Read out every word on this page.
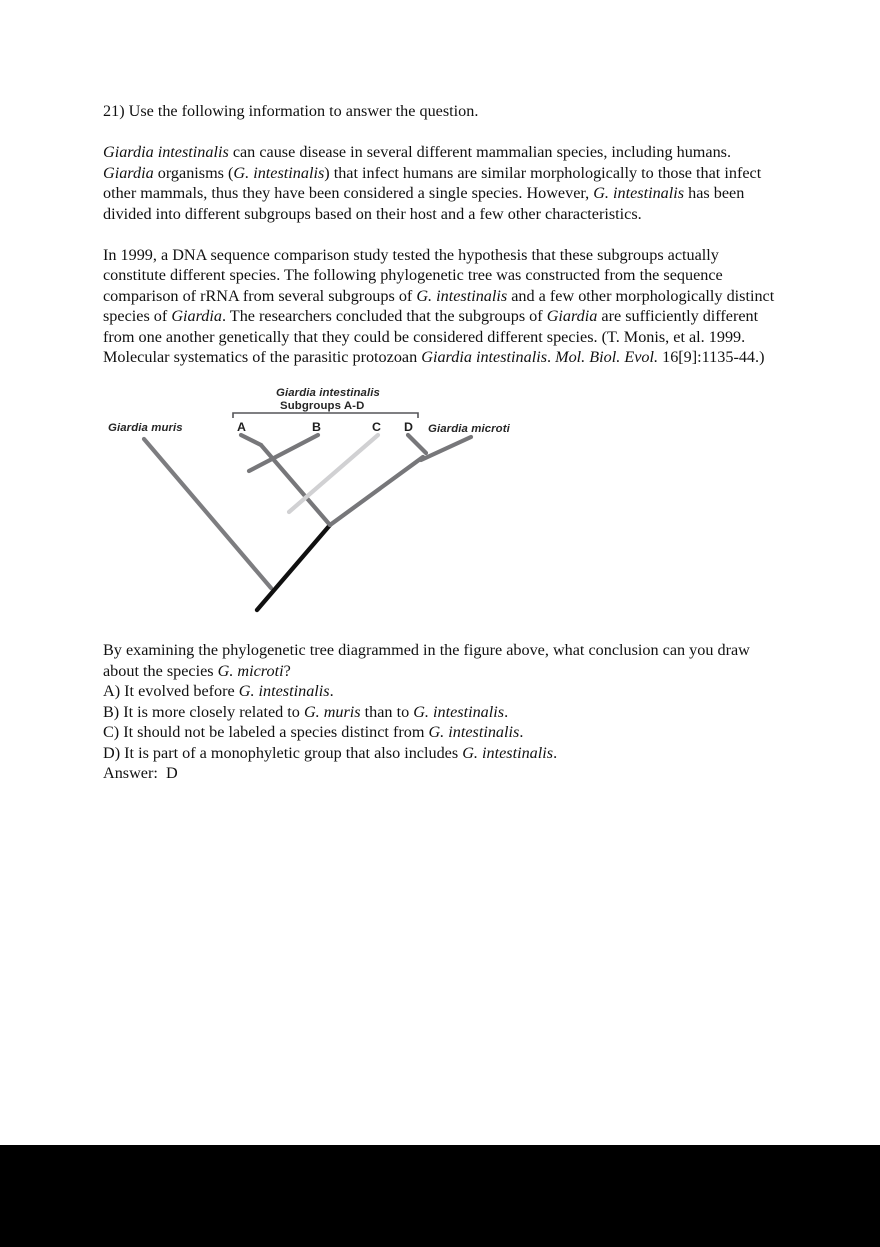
21) Use the following information to answer the question.

Giardia intestinalis can cause disease in several different mammalian species, including humans. Giardia organisms (G. intestinalis) that infect humans are similar morphologically to those that infect other mammals, thus they have been considered a single species. However, G. intestinalis has been divided into different subgroups based on their host and a few other characteristics.

In 1999, a DNA sequence comparison study tested the hypothesis that these subgroups actually constitute different species. The following phylogenetic tree was constructed from the sequence comparison of rRNA from several subgroups of G. intestinalis and a few other morphologically distinct species of Giardia. The researchers concluded that the subgroups of Giardia are sufficiently different from one another genetically that they could be considered different species. (T. Monis, et al. 1999. Molecular systematics of the parasitic protozoan Giardia intestinalis. Mol. Biol. Evol. 16[9]:1135-44.)

Giardia intestinalis
Subgroups A-D
Giardia muris	Giardia microti
A	B	C D

By examining the phylogenetic tree diagrammed in the figure above, what conclusion can you draw about the species G. microti?

A) It evolved before G. intestinalis.

B) It is more closely related to G. muris than to G. intestinalis.

C) It should not be labeled a species distinct from G. intestinalis.

D) It is part of a monophyletic group that also includes G. intestinalis.

Answer: D
